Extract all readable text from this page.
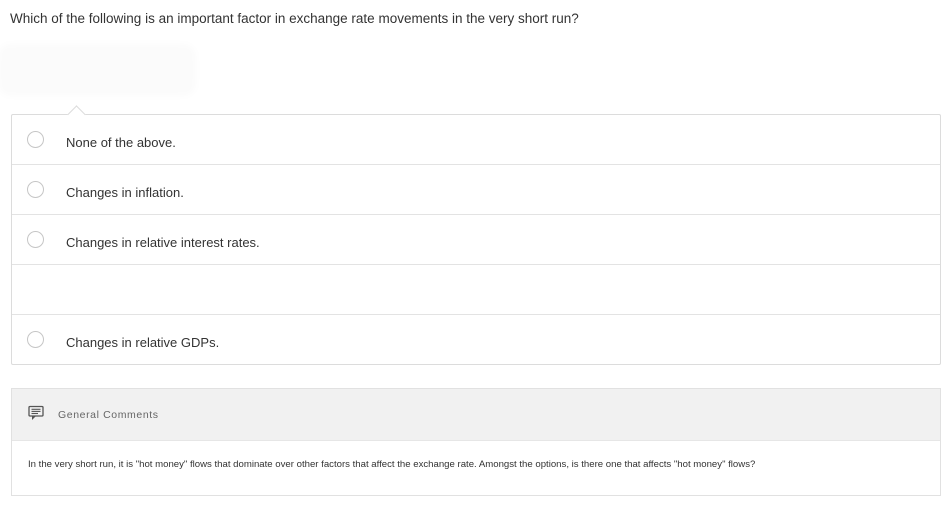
Which of the following is an important factor in exchange rate movements in the very short run?
None of the above.
Changes in inflation.
Changes in relative interest rates.
Changes in relative GDPs.
General Comments
In the very short run, it is "hot money" flows that dominate over other factors that affect the exchange rate. Amongst the options, is there one that affects "hot money" flows?
